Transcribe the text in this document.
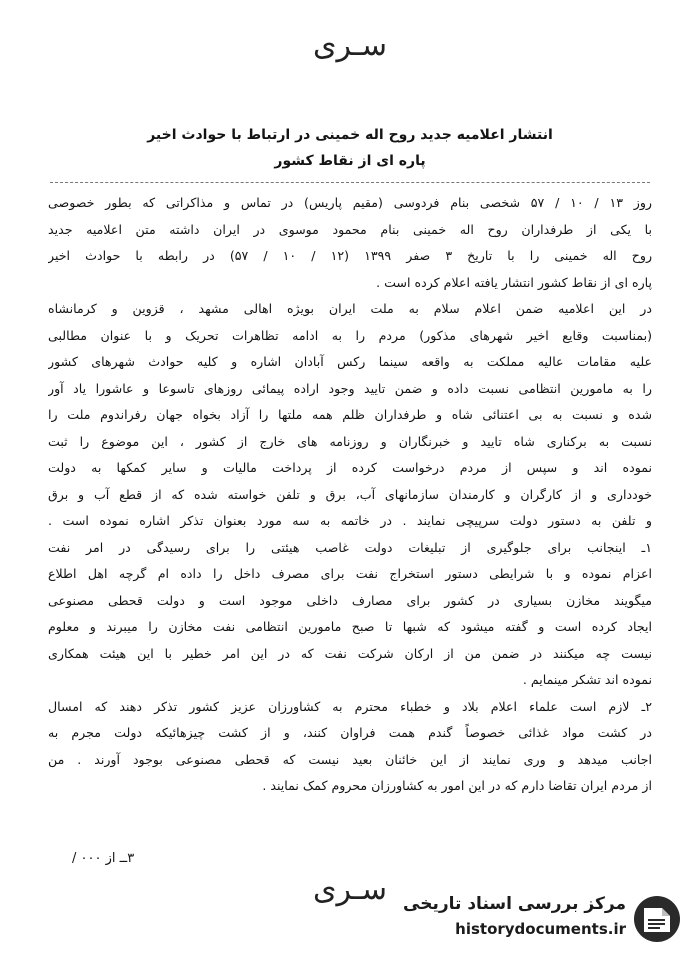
سـرى
انتشار اعلامیه جدید روح اله خمینی در ارتباط با حوادث اخیر
پاره ای از نقاط کشور
روز ۱۳ / ۱۰ / ۵۷ شخصی بنام فردوسی (مقیم پاریس) در تماس و مذاکراتی که بطور خصوصی
با یکی از طرفداران روح اله خمینی بنام محمود موسوی در ایران داشته متن اعلامیه جدید
روح اله خمینی را با تاریخ ۳ صفر ۱۳۹۹ (۱۲ / ۱۰ / ۵۷) در رابطه با حوادث اخیر
پاره ای از نقاط کشور انتشار یافته اعلام کرده است .
در این اعلامیه ضمن اعلام سلام به ملت ایران بویژه اهالی مشهد ، قزوین و کرمانشاه
(بمناسبت وقایع اخیر شهرهای مذکور) مردم را به ادامه تظاهرات تحریک و با عنوان مطالبی
علیه مقامات عالیه مملکت به واقعه سینما رکس آبادان اشاره و کلیه حوادث شهرهای کشور
را به مامورین انتظامی نسبت داده و ضمن تایید وجود اراده پیمائی روزهای تاسوعا و عاشورا یاد آور
شده و نسبت به بی اعتنائی شاه و طرفداران ظلم همه ملتها را آزاد بخواه جهان رفراندوم ملت را
نسبت به برکناری شاه تایید و خبرنگاران و روزنامه های خارج از کشور ، این موضوع را ثبت
نموده اند و سپس از مردم درخواست کرده از پرداخت مالیات و سایر کمکها به دولت
خودداری و از کارگران و کارمندان سازمانهای آب، برق و تلفن خواسته شده که از قطع آب و برق
و تلفن به دستور دولت سرپیچی نمایند . در خاتمه به سه مورد بعنوان تذکر اشاره نموده است .
۱ـ اینجانب برای جلوگیری از تبلیغات دولت غاصب هیئتی را برای رسیدگی در امر نفت
اعزام نموده و با شرایطی دستور استخراج نفت برای مصرف داخل را داده ام گرچه اهل اطلاع
میگویند مخازن بسیاری در کشور برای مصارف داخلی موجود است و دولت قحطی مصنوعی
ایجاد کرده است و گفته میشود که شبها تا صبح مامورین انتظامی نفت مخازن را میبرند و معلوم
نیست چه میکنند در ضمن من از ارکان شرکت نفت که در این امر خطیر با این هیئت همکاری
نموده اند تشکر مینمایم .
۲ـ لازم است علماء اعلام بلاد و خطباء محترم به کشاورزان عزیز کشور تذکر دهند که امسال
در کشت مواد غذائی خصوصاً گندم همت فراوان کنند، و از کشت چیزهائیکه دولت مجرم به
اجانب میدهد و وری نمایند از این خائنان بعید نیست که قحطی مصنوعی بوجود آورند . من
از مردم ایران تقاضا دارم که در این امور به کشاورزان محروم کمک نمایند .
۳ــ از ۰۰۰ /
سـرى مرکز بررسی اسناد تاریخی
historydocuments.ir
